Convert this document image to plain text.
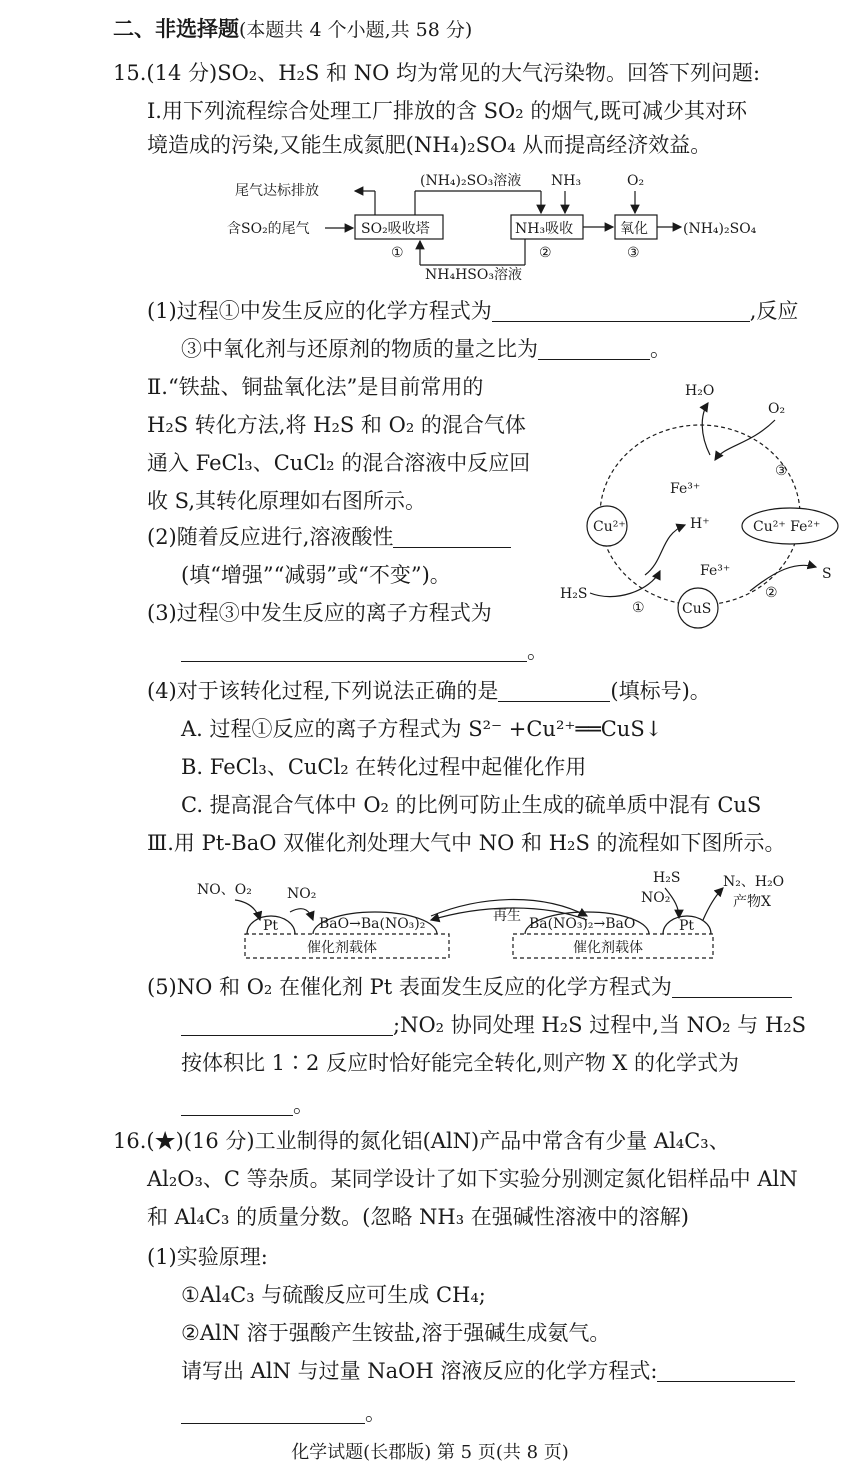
二、非选择题(本题共 4 个小题,共 58 分)
15.(14 分)SO₂、H₂S 和 NO 均为常见的大气污染物。回答下列问题:
Ⅰ.用下列流程综合处理工厂排放的含 SO₂ 的烟气,既可减少其对环
境造成的污染,又能生成氮肥(NH₄)₂SO₄ 从而提高经济效益。
尾气达标排放
含SO₂的尾气	SO₂吸收塔
①
(NH₄)₂SO₃溶液
NH₃吸收
②
NH₃
NH₄HSO₃溶液
氧化
③
O₂
(NH₄)₂SO₄
(1)过程①中发生反应的化学方程式为	,反应
③中氧化剂与还原剂的物质的量之比为	。
Ⅱ.“铁盐、铜盐氧化法”是目前常用的
H₂S 转化方法,将 H₂S 和 O₂ 的混合气体
通入 FeCl₃、CuCl₂ 的混合溶液中反应回
收 S,其转化原理如右图所示。
H₂O
O₂
③
Fe³⁺
Cu²⁺	H⁺	Cu²⁺ Fe²⁺
Fe³⁺	S
H₂S
①	CuS
②
(2)随着反应进行,溶液酸性
(填“增强”“减弱”或“不变”)。
(3)过程③中发生反应的离子方程式为
。
(4)对于该转化过程,下列说法正确的是	(填标号)。
A. 过程①反应的离子方程式为 S²⁻ +Cu²⁺══CuS↓
B. FeCl₃、CuCl₂ 在转化过程中起催化作用
C. 提高混合气体中 O₂ 的比例可防止生成的硫单质中混有 CuS
Ⅲ.用 Pt-BaO 双催化剂处理大气中 NO 和 H₂S 的流程如下图所示。
NO、O₂
Pt
NO₂
BaO→Ba(NO₃)₂	再生 Ba(NO₃)₂→BaO
H₂S
NO₂
Pt
N₂、H₂O
产物X
催化剂载体	催化剂载体
(5)NO 和 O₂ 在催化剂 Pt 表面发生反应的化学方程式为
;NO₂ 协同处理 H₂S 过程中,当 NO₂ 与 H₂S
按体积比 1∶2 反应时恰好能完全转化,则产物 X 的化学式为
。
16.(★)(16 分)工业制得的氮化铝(AlN)产品中常含有少量 Al₄C₃、
Al₂O₃、C 等杂质。某同学设计了如下实验分别测定氮化铝样品中 AlN
和 Al₄C₃ 的质量分数。(忽略 NH₃ 在强碱性溶液中的溶解)
(1)实验原理:
①Al₄C₃ 与硫酸反应可生成 CH₄;
②AlN 溶于强酸产生铵盐,溶于强碱生成氨气。
请写出 AlN 与过量 NaOH 溶液反应的化学方程式:
。
化学试题(长郡版) 第 5 页(共 8 页)
